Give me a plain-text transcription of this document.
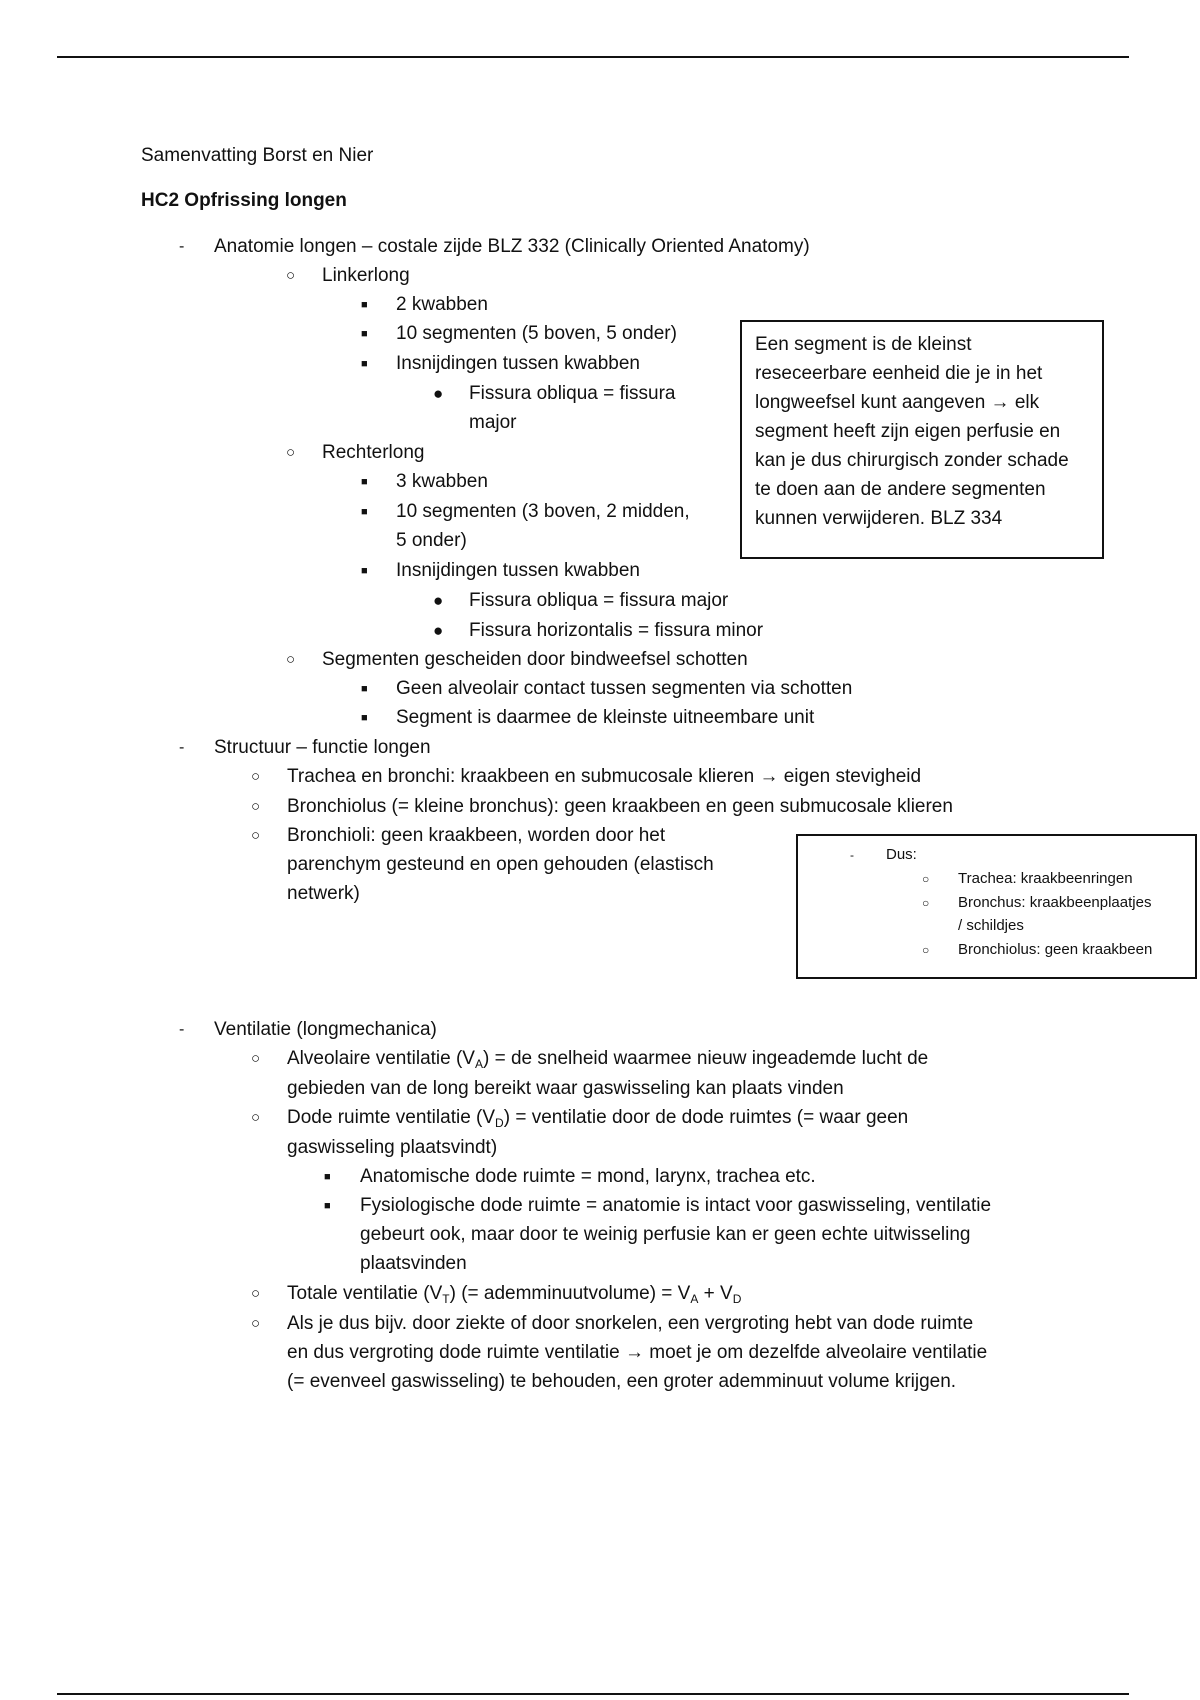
Samenvatting Borst en Nier
HC2 Opfrissing longen
- Anatomie longen – costale zijde BLZ 332 (Clinically Oriented Anatomy)
○ Linkerlong
■ 2 kwabben
■ 10 segmenten (5 boven, 5 onder)
■ Insnijdingen tussen kwabben
● Fissura obliqua = fissura
major
○ Rechterlong
■ 3 kwabben
■ 10 segmenten (3 boven, 2 midden,
5 onder)
■ Insnijdingen tussen kwabben
● Fissura obliqua = fissura major
● Fissura horizontalis = fissura minor
○ Segmenten gescheiden door bindweefsel schotten
■ Geen alveolair contact tussen segmenten via schotten
■ Segment is daarmee de kleinste uitneembare unit

Een segment is de kleinst

reseceerbare eenheid die je in het

longweefsel kunt aangeven → elk

segment heeft zijn eigen perfusie en

kan je dus chirurgisch zonder schade

te doen aan de andere segmenten

kunnen verwijderen. BLZ 334

- Structuur – functie longen
○ Trachea en bronchi: kraakbeen en submucosale klieren → eigen stevigheid
○ Bronchiolus (= kleine bronchus): geen kraakbeen en geen submucosale klieren
○ Bronchioli: geen kraakbeen, worden door het
parenchym gesteund en open gehouden (elastisch
netwerk)
- Dus:
○ Trachea: kraakbeenringen
○ Bronchus: kraakbeenplaatjes
/ schildjes
○ Bronchiolus: geen kraakbeen
- Ventilatie (longmechanica)
○ Alveolaire ventilatie $(V_A)$ = de snelheid waarmee nieuw ingeademde lucht de
gebieden van de long bereikt waar gaswisseling kan plaats vinden
○ Dode ruimte ventilatie $(V_D)$ = ventilatie door de dode ruimtes (= waar geen
gaswisseling plaatsvindt)
■ Anatomische dode ruimte = mond, larynx, trachea etc.
■ Fysiologische dode ruimte = anatomie is intact voor gaswisseling, ventilatie
gebeurt ook, maar door te weinig perfusie kan er geen echte uitwisseling
plaatsvinden
○ Totale ventilatie $(V_T)$ (= ademminuutvolume) = $V_A + V_D$
○ Als je dus bijv. door ziekte of door snorkelen, een vergroting hebt van dode ruimte
en dus vergroting dode ruimte ventilatie → moet je om dezelfde alveolaire ventilatie
(= evenveel gaswisseling) te behouden, een groter ademminuut volume krijgen.
